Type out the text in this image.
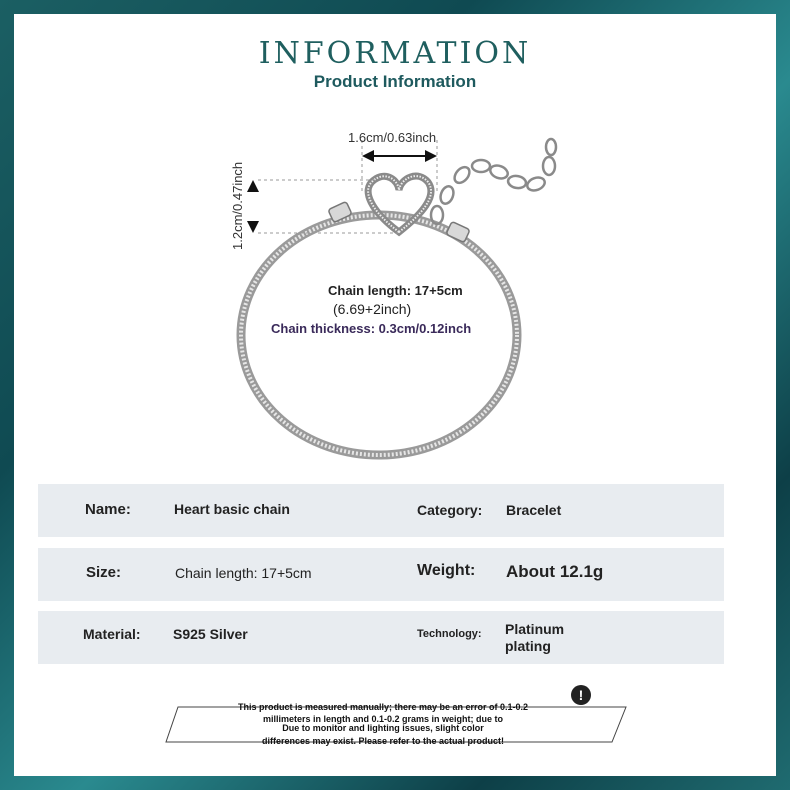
INFORMATION
Product Information
1.6cm/0.63inch
1.2cm/0.47inch
Chain length: 17+5cm
(6.69+2inch)
Chain thickness: 0.3cm/0.12inch
Name:	Heart basic chain	Category: Bracelet
Size:	Chain length: 17+5cm	Weight: About 12.1g
Material: S925 Silver	Technology: Platinum
plating
This product is measured manually; there may be an error of 0.1-0.2
millimeters in length and 0.1-0.2 grams in weight; due to
Due to monitor and lighting issues, slight color
differences may exist. Please refer to the actual product!
!
